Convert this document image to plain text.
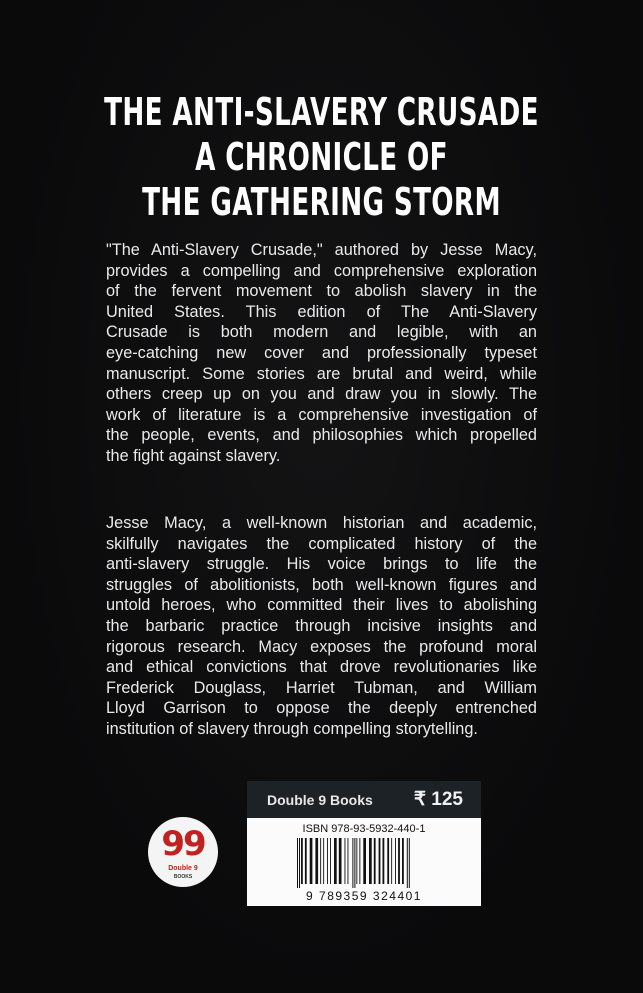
THE ANTI-SLAVERY CRUSADE
A CHRONICLE OF
THE GATHERING STORM
"The Anti-Slavery Crusade," authored by Jesse Macy,
provides a compelling and comprehensive exploration
of the fervent movement to abolish slavery in the
United States. This edition of The Anti-Slavery
Crusade is both modern and legible, with an
eye-catching new cover and professionally typeset
manuscript. Some stories are brutal and weird, while
others creep up on you and draw you in slowly. The
work of literature is a comprehensive investigation of
the people, events, and philosophies which propelled
the fight against slavery.
Jesse Macy, a well-known historian and academic,
skilfully navigates the complicated history of the
anti-slavery struggle. His voice brings to life the
struggles of abolitionists, both well-known figures and
untold heroes, who committed their lives to abolishing
the barbaric practice through incisive insights and
rigorous research. Macy exposes the profound moral
and ethical convictions that drove revolutionaries like
Frederick Douglass, Harriet Tubman, and William
Lloyd Garrison to oppose the deeply entrenched
institution of slavery through compelling storytelling.
99
Double 9
BOOKS
Double 9 Books ₹ 125
ISBN 978-93-5932-440-1
9 789359 324401
